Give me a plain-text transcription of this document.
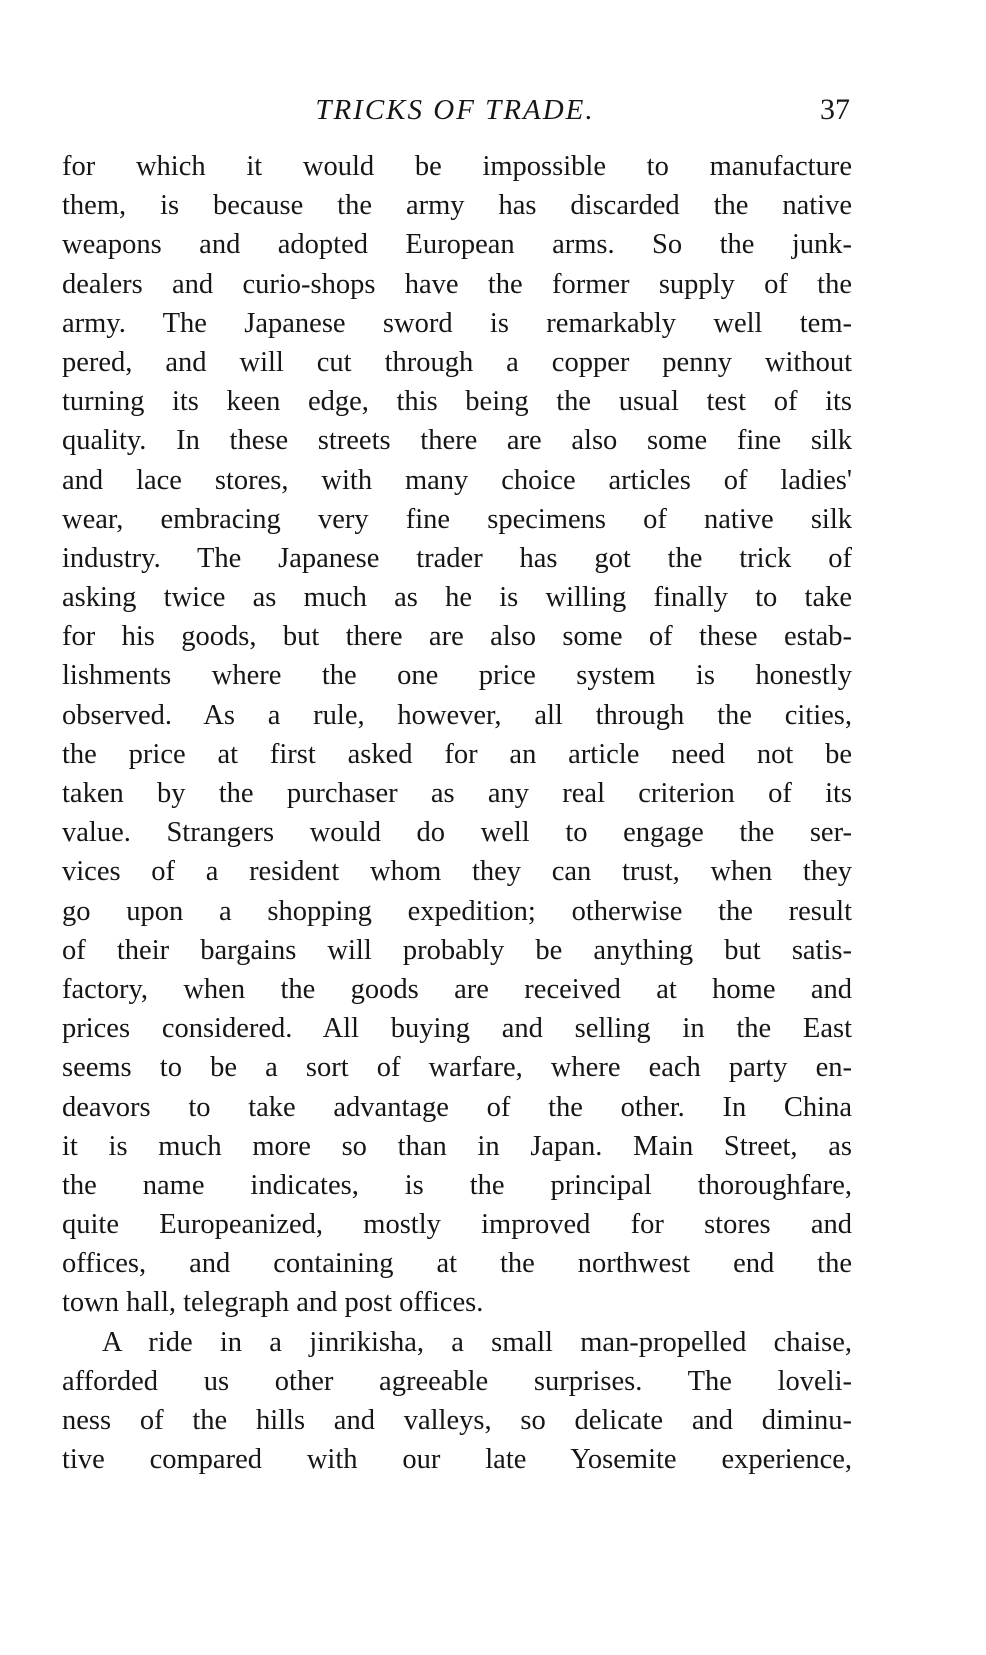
TRICKS OF TRADE.	37
for which it would be impossible to manufacture
them, is because the army has discarded the native
weapons and adopted European arms. So the junk-
dealers and curio-shops have the former supply of the
army. The Japanese sword is remarkably well tem-
pered, and will cut through a copper penny without
turning its keen edge, this being the usual test of its
quality. In these streets there are also some fine silk
and lace stores, with many choice articles of ladies'
wear, embracing very fine specimens of native silk
industry. The Japanese trader has got the trick of
asking twice as much as he is willing finally to take
for his goods, but there are also some of these estab-
lishments where the one price system is honestly
observed. As a rule, however, all through the cities,
the price at first asked for an article need not be
taken by the purchaser as any real criterion of its
value. Strangers would do well to engage the ser-
vices of a resident whom they can trust, when they
go upon a shopping expedition; otherwise the result
of their bargains will probably be anything but satis-
factory, when the goods are received at home and
prices considered. All buying and selling in the East
seems to be a sort of warfare, where each party en-
deavors to take advantage of the other. In China
it is much more so than in Japan. Main Street, as
the name indicates, is the principal thoroughfare,
quite Europeanized, mostly improved for stores and
offices, and containing at the northwest end the
town hall, telegraph and post offices.
A ride in a jinrikisha, a small man-propelled chaise,
afforded us other agreeable surprises. The loveli-
ness of the hills and valleys, so delicate and diminu-
tive compared with our late Yosemite experience,
